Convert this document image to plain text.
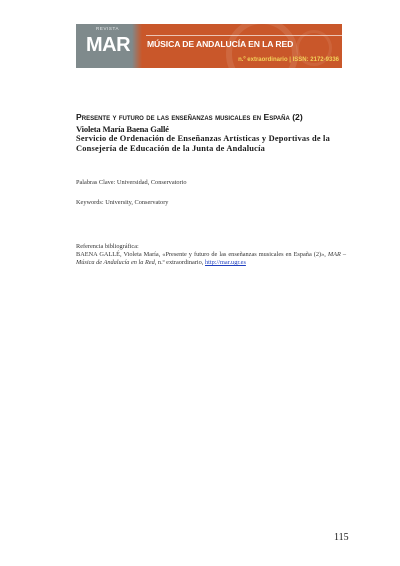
REVISTA
MAR MÚSICA DE ANDALUCÍA EN LA RED
n.º extraordinario | ISSN: 2172-9336
Presente y futuro de las enseñanzas musicales en España (2)
Violeta María Baena Gallé
Servicio de Ordenación de Enseñanzas Artísticas y Deportivas de la Consejería de Educación de la Junta de Andalucía
Palabras Clave: Universidad, Conservatorio
Keywords: University, Conservatory
Referencia bibliográfica:
BAENA GALLÉ, Violeta María, «Presente y futuro de las enseñanzas musicales en España (2)», MAR – Música de Andalucía en la Red, n.º extraordinario, http://mar.ugr.es
115
